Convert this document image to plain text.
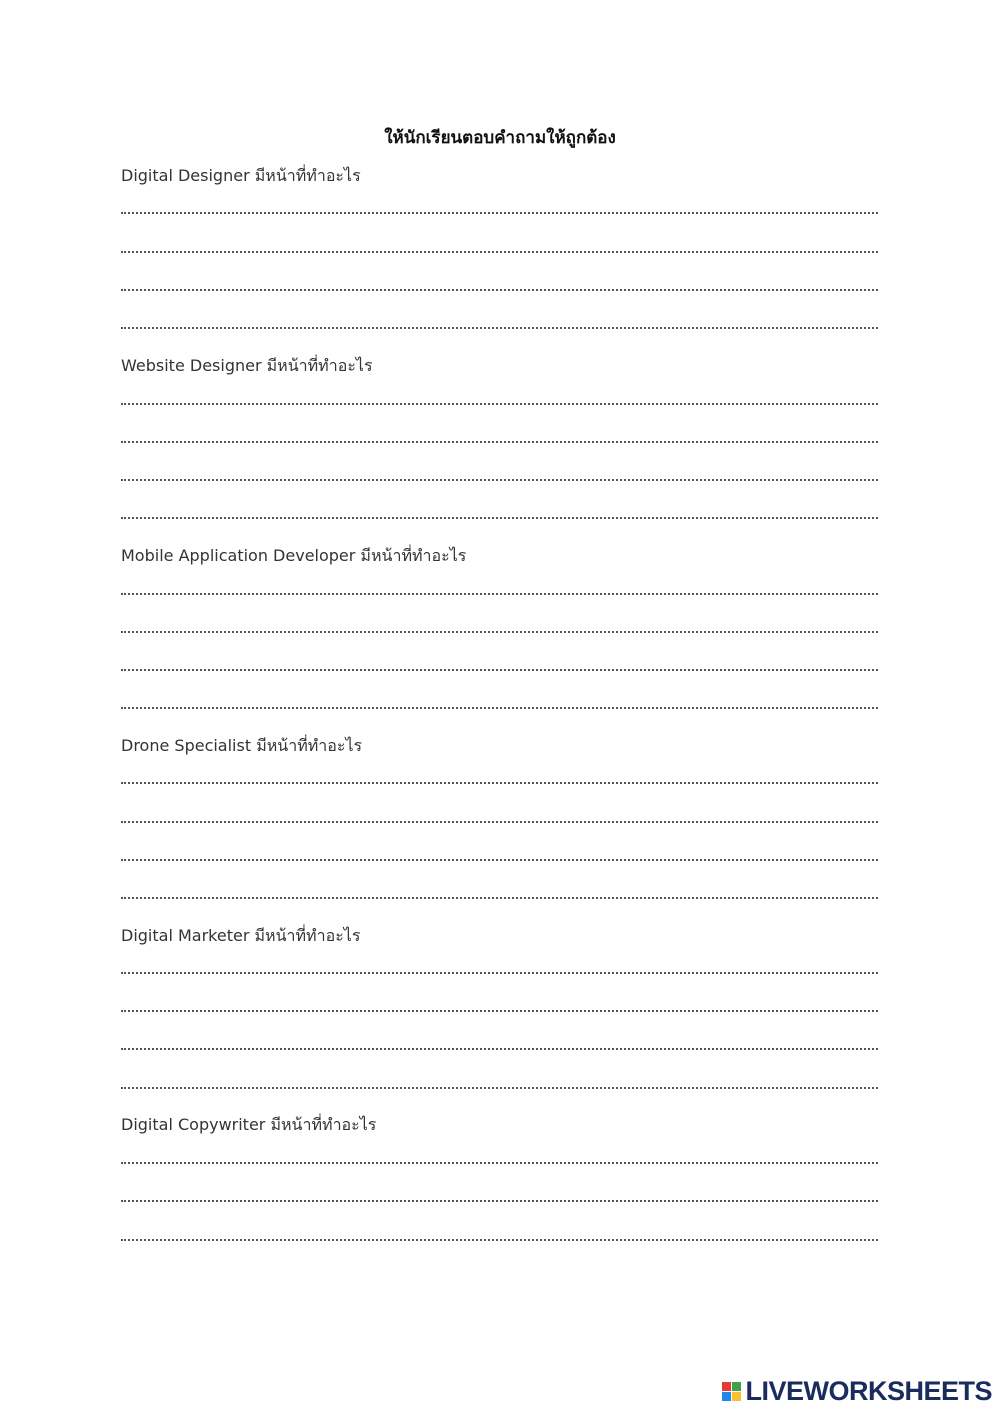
ให้นักเรียนตอบคำถามให้ถูกต้อง
Digital Designer มีหน้าที่ทำอะไร
Website Designer มีหน้าที่ทำอะไร
Mobile Application Developer มีหน้าที่ทำอะไร
Drone Specialist มีหน้าที่ทำอะไร
Digital Marketer มีหน้าที่ทำอะไร
Digital Copywriter มีหน้าที่ทำอะไร
LIVEWORKSHEETS
